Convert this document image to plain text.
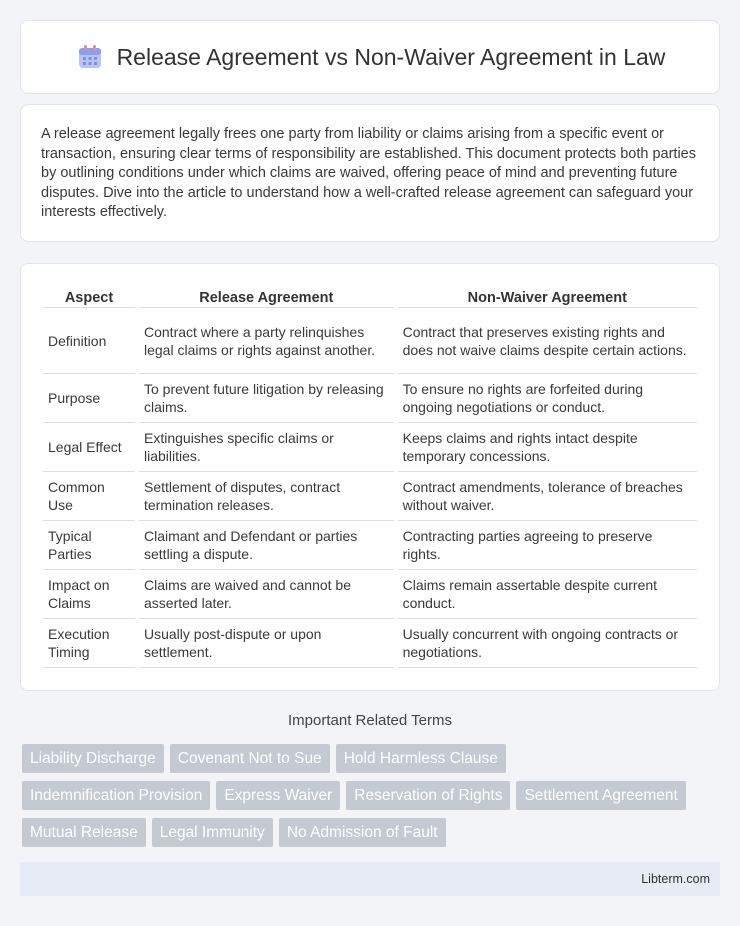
Release Agreement vs Non-Waiver Agreement in Law

A release agreement legally frees one party from liability or claims arising from a specific event or transaction, ensuring clear terms of responsibility are established. This document protects both parties by outlining conditions under which claims are waived, offering peace of mind and preventing future disputes. Dive into the article to understand how a well-crafted release agreement can safeguard your interests effectively.

Aspect	Release Agreement	Non-Waiver Agreement
Definition	Contract where a party relinquishes legal claims or rights against another.	Contract that preserves existing rights and does not waive claims despite certain actions.
Purpose	To prevent future litigation by releasing claims.	To ensure no rights are forfeited during ongoing negotiations or conduct.
Legal Effect	Extinguishes specific claims or liabilities.	Keeps claims and rights intact despite temporary concessions.
Common Use	Settlement of disputes, contract termination releases.	Contract amendments, tolerance of breaches without waiver.
Typical Parties	Claimant and Defendant or parties settling a dispute.	Contracting parties agreeing to preserve rights.
Impact on Claims	Claims are waived and cannot be asserted later.	Claims remain assertable despite current conduct.
Execution Timing	Usually post-dispute or upon settlement.	Usually concurrent with ongoing contracts or negotiations.
Important Related Terms
Liability Discharge	Covenant Not to Sue	Hold Harmless Clause
Indemnification Provision	Express Waiver	Reservation of Rights	Settlement Agreement
Mutual Release	Legal Immunity	No Admission of Fault
Libterm.com
